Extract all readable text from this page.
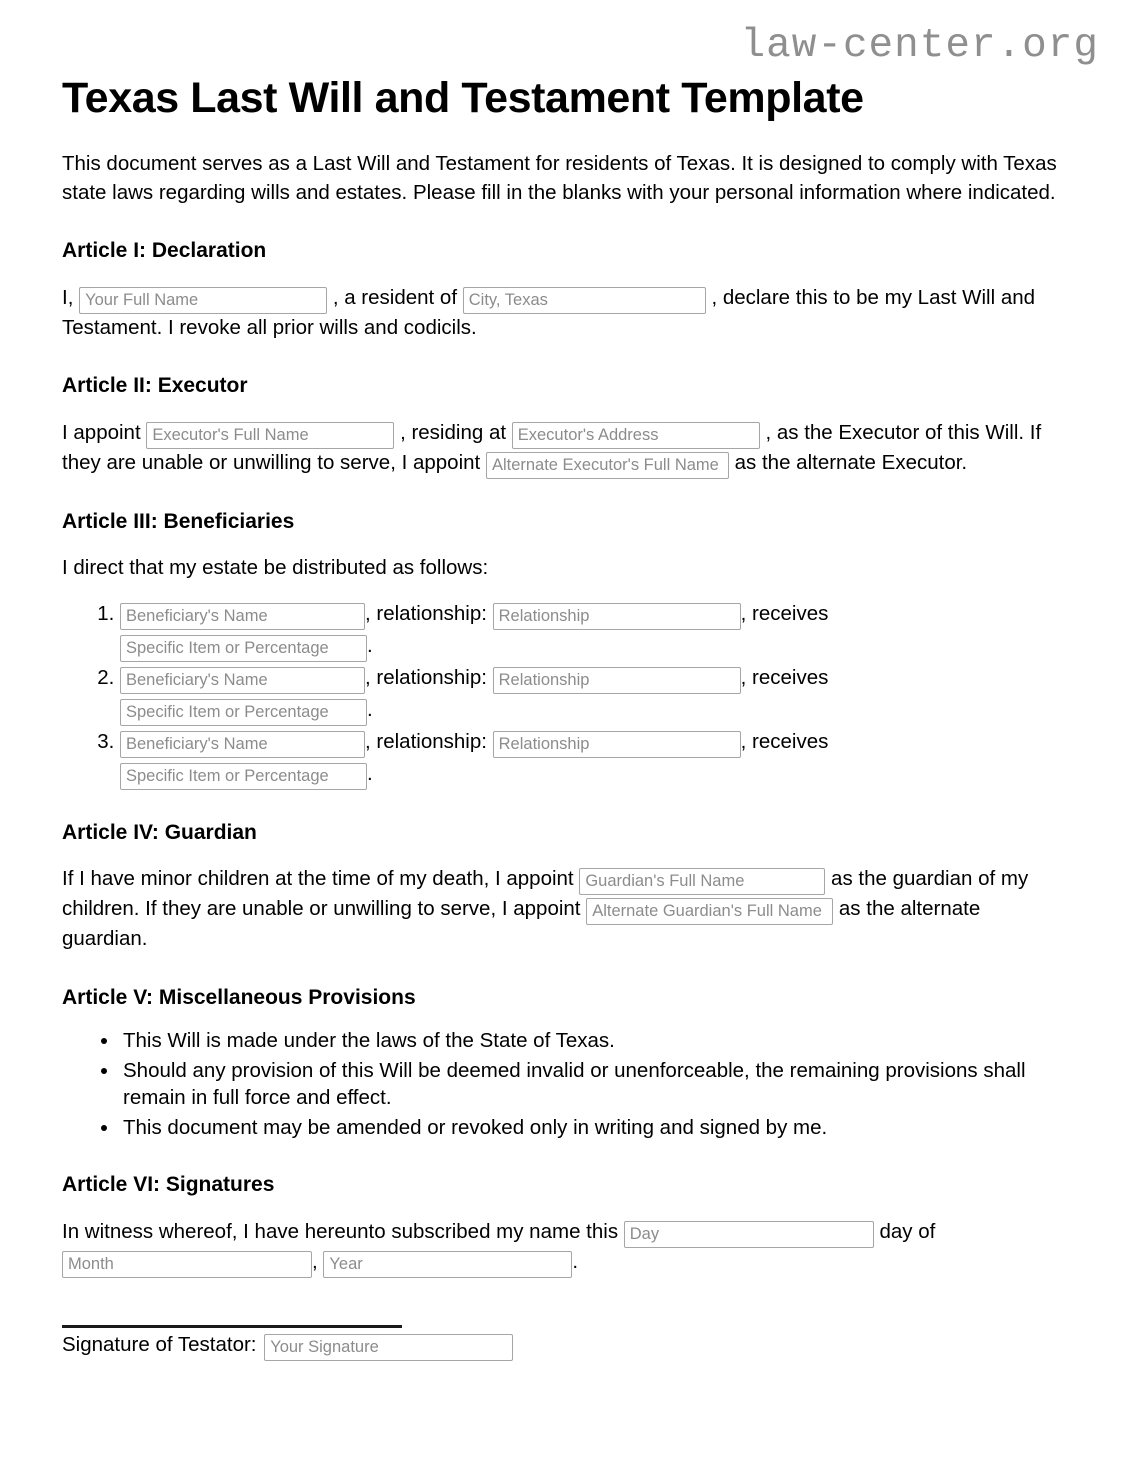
law-center.org
Texas Last Will and Testament Template

This document serves as a Last Will and Testament for residents of Texas. It is designed to comply with Texas state laws regarding wills and estates. Please fill in the blanks with your personal information where indicated.

Article I: Declaration

I, Your Full Name	, a resident of City, Texas	, declare this to be my Last Will and Testament. I revoke all prior wills and codicils.

Article II: Executor

I appoint Executor's Full Name	, residing at Executor's Address	, as the Executor of this Will. If they are unable or unwilling to serve, I appoint Alternate Executor's Full Name	as the alternate Executor.

Article III: Beneficiaries

I direct that my estate be distributed as follows:

1. Beneficiary's Name, relationship: Relationship	, receives
Specific Item or Percentage.
2. Beneficiary's Name, relationship: Relationship	, receives
Specific Item or Percentage.
3. Beneficiary's Name, relationship: Relationship	, receives
Specific Item or Percentage.
Article IV: Guardian

If I have minor children at the time of my death, I appoint Guardian's Full Name	as the guardian of my children. If they are unable or unwilling to serve, I appoint Alternate Guardian's Full Name	as the alternate guardian.

Article V: Miscellaneous Provisions
• This Will is made under the laws of the State of Texas.
• Should any provision of this Will be deemed invalid or unenforceable, the remaining provisions shall remain in full force and effect.
• This document may be amended or revoked only in writing and signed by me.
Article VI: Signatures

In witness whereof, I have hereunto subscribed my name this Day	day of Month, Year	.

Signature of Testator: Your Signature
